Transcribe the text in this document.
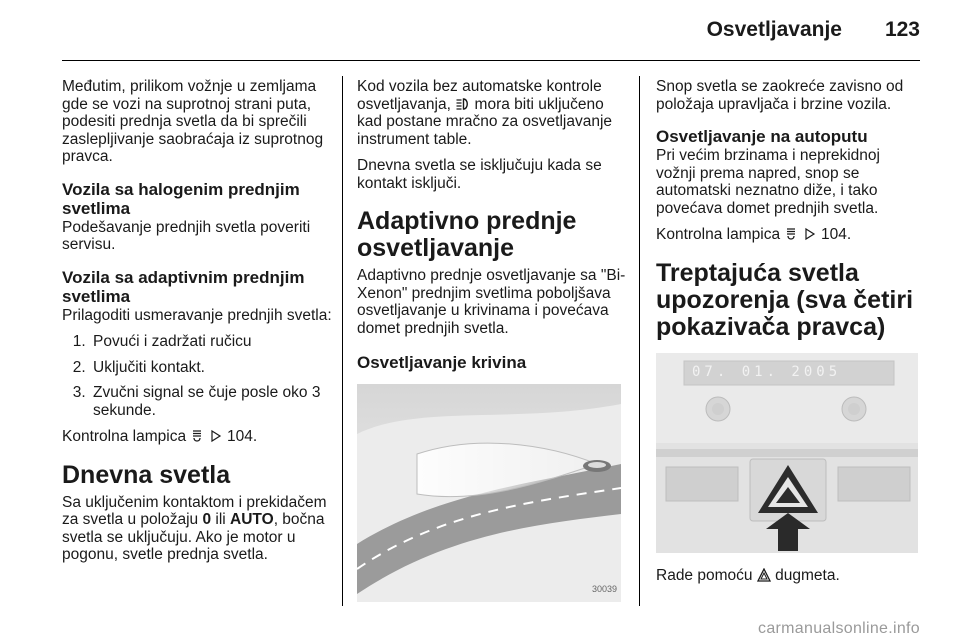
Osvetljavanje 123

Međutim, prilikom vožnje u zemljama gde se vozi na suprotnoj strani puta, podesiti prednja svetla da bi sprečili zaslepljivanje saobraćaja iz suprotnog pravca.

Vozila sa halogenim prednjim svetlima

Podešavanje prednjih svetla poveriti servisu.

Vozila sa adaptivnim prednjim svetlima

Prilagoditi usmeravanje prednjih svetla:

1. Povući i zadržati ručicu
2. Uključiti kontakt.
3. Zvučni signal se čuje posle oko 3 sekunde.

Kontrolna lampica	104.

Dnevna svetla

Sa uključenim kontaktom i prekidačem za svetla u položaju 0 ili AUTO, bočna svetla se uključuju. Ako je motor u pogonu, svetle prednja svetla.

Kod vozila bez automatske kontrole osvetljavanja, mora biti uključeno kad postane mračno za osvetljavanje instrument table.

Dnevna svetla se isključuju kada se kontakt isključi.

Adaptivno prednje osvetljavanje

Adaptivno prednje osvetljavanje sa "Bi-Xenon" prednjim svetlima poboljšava osvetljavanje u krivinama i povećava domet prednjih svetla.

Osvetljavanje krivina
30039

Snop svetla se zaokreće zavisno od položaja upravljača i brzine vozila.

Osvetljavanje na autoputu

Pri većim brzinama i neprekidnoj vožnji prema napred, snop se automatski neznatno diže, i tako povećava domet prednjih svetla.

Kontrolna lampica	104.

Treptajuća svetla upozorenja (sva četiri pokazivača pravca)
07. 01. 2005

Rade pomoću dugmeta.

carmanualsonline.info
